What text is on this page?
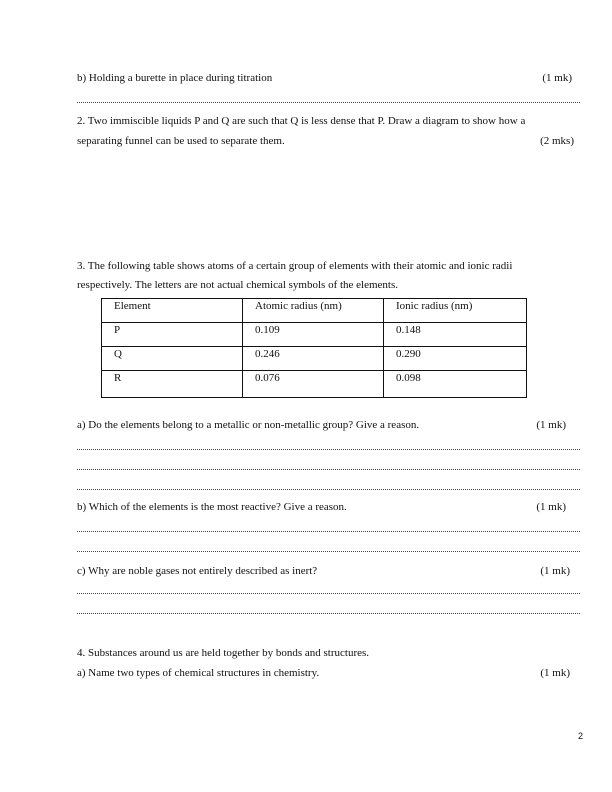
b) Holding a burette in place during titration	(1 mk)
2. Two immiscible liquids P and Q are such that Q is less dense that P. Draw a diagram to show how a
separating funnel can be used to separate them.	(2 mks)
3. The following table shows atoms of a certain group of elements with their atomic and ionic radii
respectively. The letters are not actual chemical symbols of the elements.
Element	Atomic radius (nm)	Ionic radius (nm)
P	0.109	0.148
Q	0.246	0.290
R	0.076	0.098
a) Do the elements belong to a metallic or non-metallic group? Give a reason.	(1 mk)
b) Which of the elements is the most reactive? Give a reason.	(1 mk)
c) Why are noble gases not entirely described as inert?	(1 mk)
4. Substances around us are held together by bonds and structures.
a) Name two types of chemical structures in chemistry.	(1 mk)
2
